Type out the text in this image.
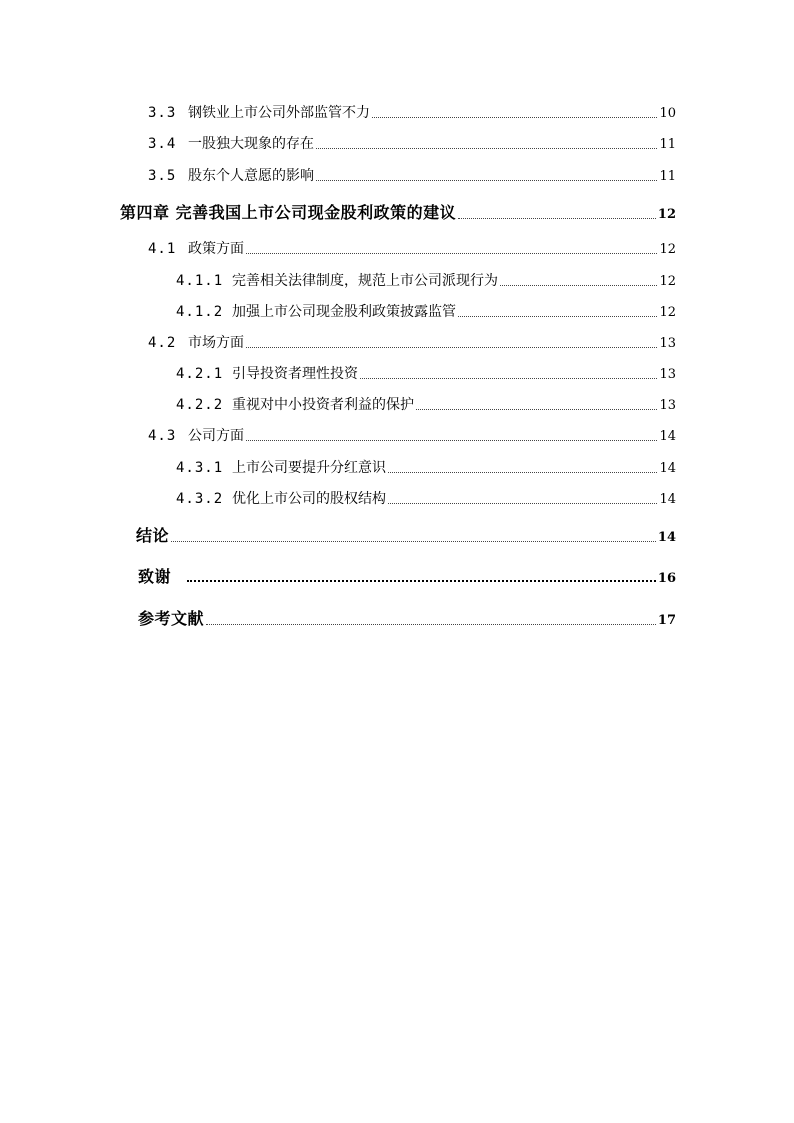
3.3 钢铁业上市公司外部监管不力	10
3.4 一股独大现象的存在	11
3.5 股东个人意愿的影响	11
第四章 完善我国上市公司现金股利政策的建议	12
4.1 政策方面	12
4.1.1 完善相关法律制度，规范上市公司派现行为	12
4.1.2 加强上市公司现金股利政策披露监管	12
4.2 市场方面	13
4.2.1 引导投资者理性投资	13
4.2.2 重视对中小投资者利益的保护	13
4.3 公司方面	14
4.3.1 上市公司要提升分红意识	14
4.3.2 优化上市公司的股权结构	14
结论	14
致谢	16
参考文献	17
